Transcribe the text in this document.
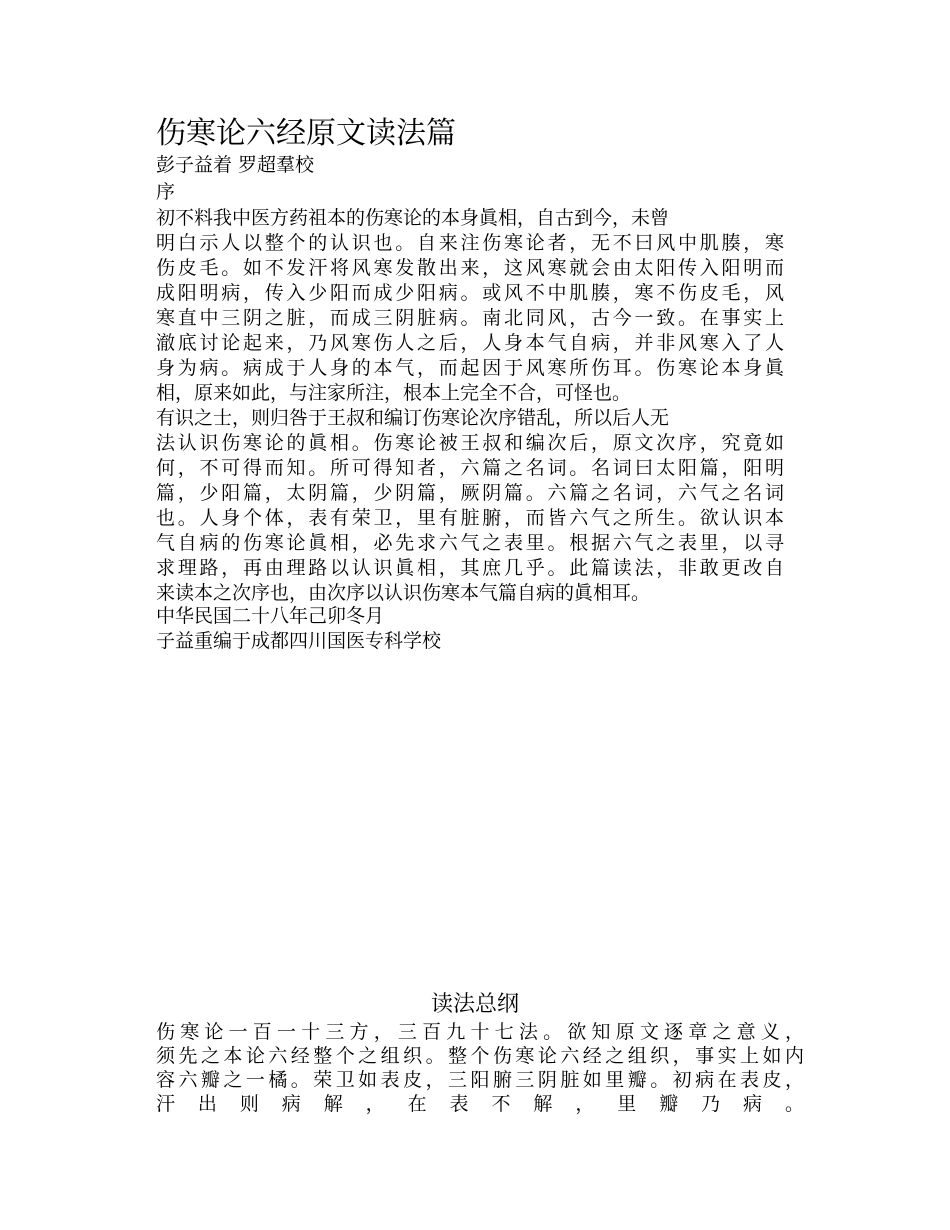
伤寒论六经原文读法篇
彭子益着 罗超羣校
序
初不料我中医方药祖本的伤寒论的本身眞相，自古到今，未曾
明白示人以整个的认识也。自来注伤寒论者，无不曰风中肌腠，寒
伤皮毛。如不发汗将风寒发散出来，这风寒就会由太阳传入阳明而
成阳明病，传入少阳而成少阳病。或风不中肌腠，寒不伤皮毛，风
寒直中三阴之脏，而成三阴脏病。南北同风，古今一致。在事实上
澈底讨论起来，乃风寒伤人之后，人身本气自病，并非风寒入了人
身为病。病成于人身的本气，而起因于风寒所伤耳。伤寒论本身眞
相，原来如此，与注家所注，根本上完全不合，可怪也。
有识之士，则归咎于王叔和编订伤寒论次序错乱，所以后人无
法认识伤寒论的眞相。伤寒论被王叔和编次后，原文次序，究竟如
何，不可得而知。所可得知者，六篇之名词。名词曰太阳篇，阳明
篇，少阳篇，太阴篇，少阴篇，厥阴篇。六篇之名词，六气之名词
也。人身个体，表有荣卫，里有脏腑，而皆六气之所生。欲认识本
气自病的伤寒论眞相，必先求六气之表里。根据六气之表里，以寻
求理路，再由理路以认识眞相，其庶几乎。此篇读法，非敢更改自
来读本之次序也，由次序以认识伤寒本气篇自病的眞相耳。
中华民国二十八年己卯冬月
子益重编于成都四川国医专科学校
读法总纲
伤寒论一百一十三方，三百九十七法。欲知原文逐章之意义，
须先之本论六经整个之组织。整个伤寒论六经之组织，事实上如内
容六瓣之一橘。荣卫如表皮，三阳腑三阴脏如里瓣。初病在表皮，
汗出则病解，在表不解，里瓣乃病。
